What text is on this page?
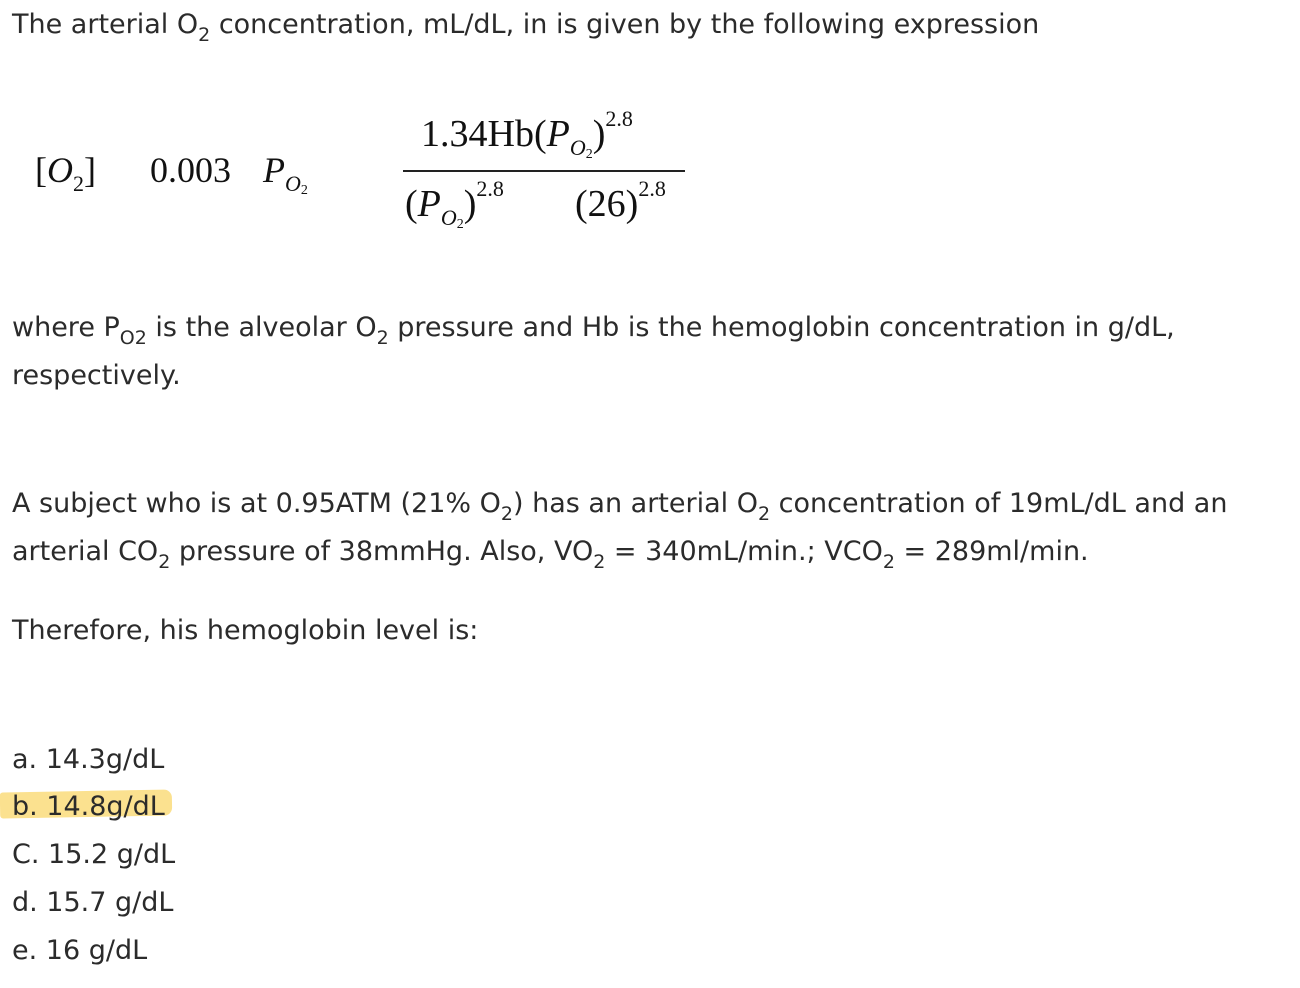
The arterial $O_2$ concentration, mL/dL, in is given by the following expression
$[O_2]$ 0.003 $P_{O2}$
$1.34Hb(P_{O2})^{2.8}$
$(P_{O2})^{2.8}$ $(26)^{2.8}$
where $P_{O2}$ is the alveolar $O_2$ pressure and Hb is the hemoglobin concentration in g/dL,
respectively.
A subject who is at 0.95ATM (21% $O_2$) has an arterial $O_2$ concentration of 19mL/dL and an
arterial $CO_2$ pressure of 38mmHg. Also, $VO_2 = 340mL/\min$.; $VCO_2 = 289ml/\min$.
Therefore, his hemoglobin level is:
a. 14.3g/dL
b. 14.8g/dL
C. 15.2 g/dL
d. 15.7 g/dL
e. 16 g/dL
